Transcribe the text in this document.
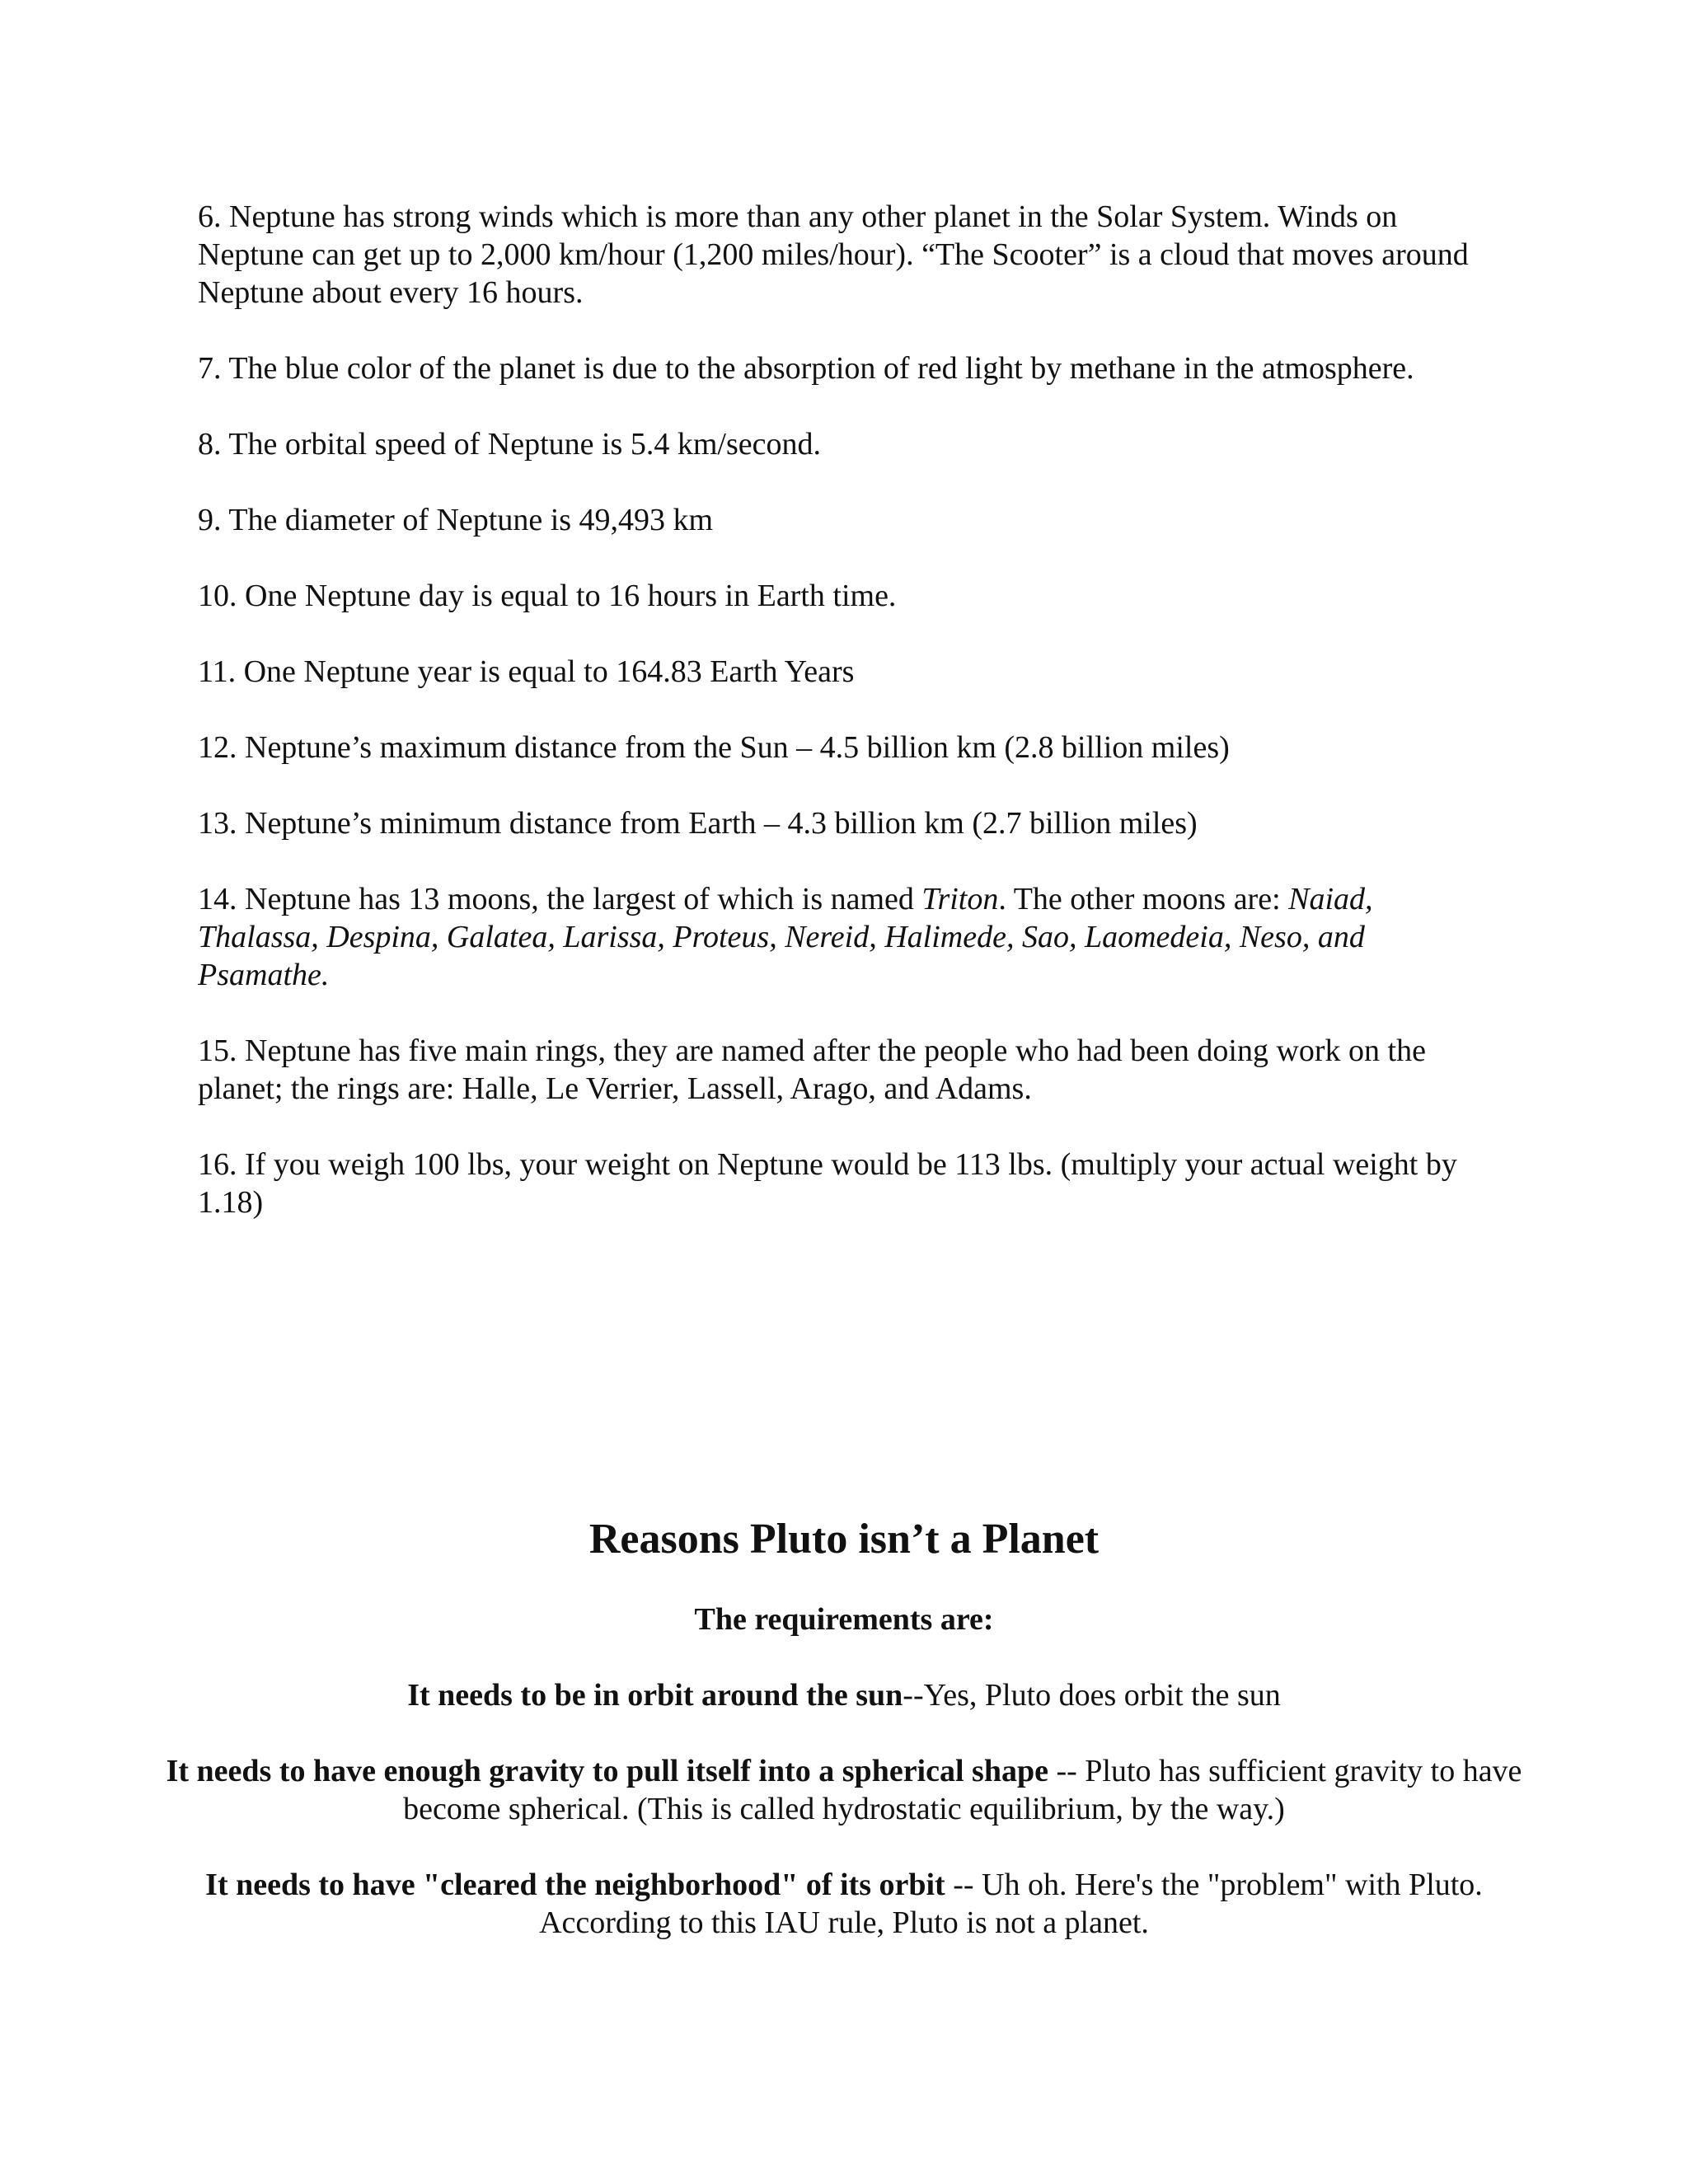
6. Neptune has strong winds which is more than any other planet in the Solar System. Winds on Neptune can get up to 2,000 km/hour (1,200 miles/hour). “The Scooter” is a cloud that moves around Neptune about every 16 hours.

7. The blue color of the planet is due to the absorption of red light by methane in the atmosphere.

8. The orbital speed of Neptune is 5.4 km/second.

9. The diameter of Neptune is 49,493 km

10. One Neptune day is equal to 16 hours in Earth time.

11. One Neptune year is equal to 164.83 Earth Years

12. Neptune’s maximum distance from the Sun – 4.5 billion km (2.8 billion miles)

13. Neptune’s minimum distance from Earth – 4.3 billion km (2.7 billion miles)

14. Neptune has 13 moons, the largest of which is named Triton. The other moons are: Naiad, Thalassa, Despina, Galatea, Larissa, Proteus, Nereid, Halimede, Sao, Laomedeia, Neso, and Psamathe.

15. Neptune has five main rings, they are named after the people who had been doing work on the planet; the rings are: Halle, Le Verrier, Lassell, Arago, and Adams.

16. If you weigh 100 lbs, your weight on Neptune would be 113 lbs. (multiply your actual weight by 1.18)

Reasons Pluto isn’t a Planet

The requirements are:

It needs to be in orbit around the sun--Yes, Pluto does orbit the sun

It needs to have enough gravity to pull itself into a spherical shape -- Pluto has sufficient gravity to have become spherical. (This is called hydrostatic equilibrium, by the way.)

It needs to have "cleared the neighborhood" of its orbit -- Uh oh. Here's the "problem" with Pluto. According to this IAU rule, Pluto is not a planet.
